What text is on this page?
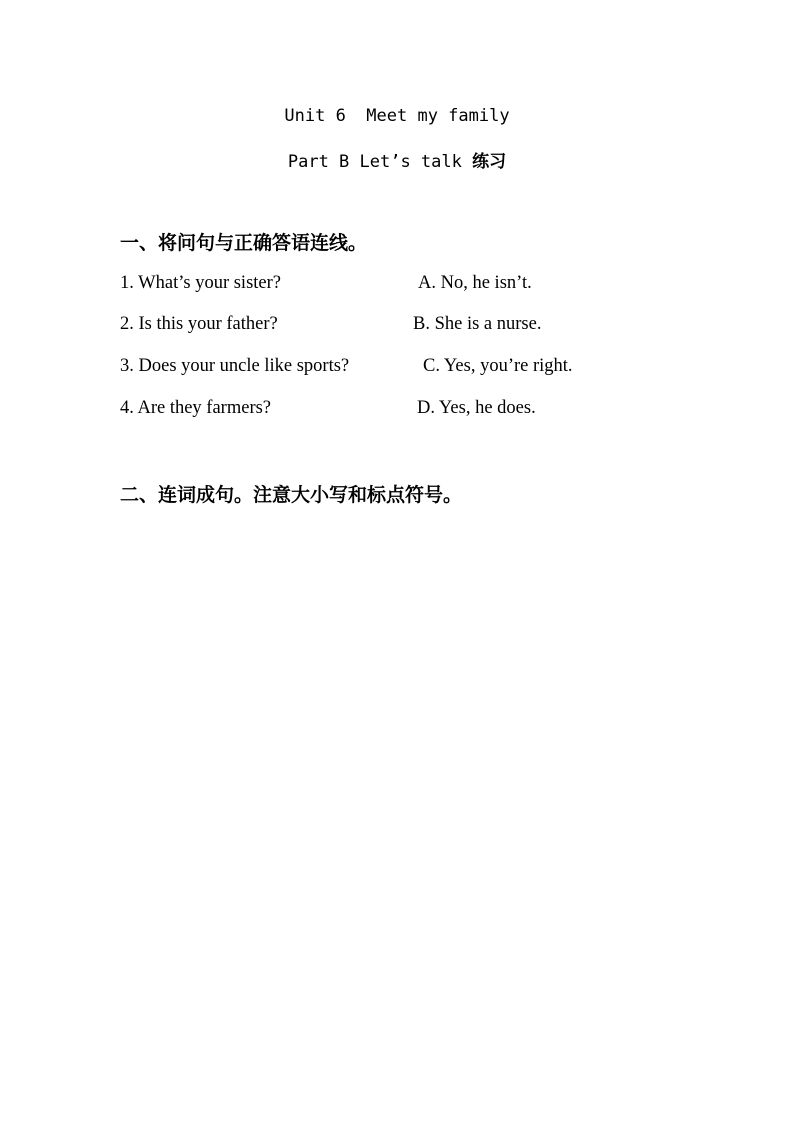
Unit 6  Meet my family
Part B Let’s talk 练习
一、将问句与正确答语连线。
1. What’s your sister?	A. No, he isn’t.
2. Is this your father?	B. She is a nurse.
3. Does your uncle like sports?	C. Yes, you’re right.
4. Are they farmers?	D. Yes, he does.
二、连词成句。注意大小写和标点符号。
